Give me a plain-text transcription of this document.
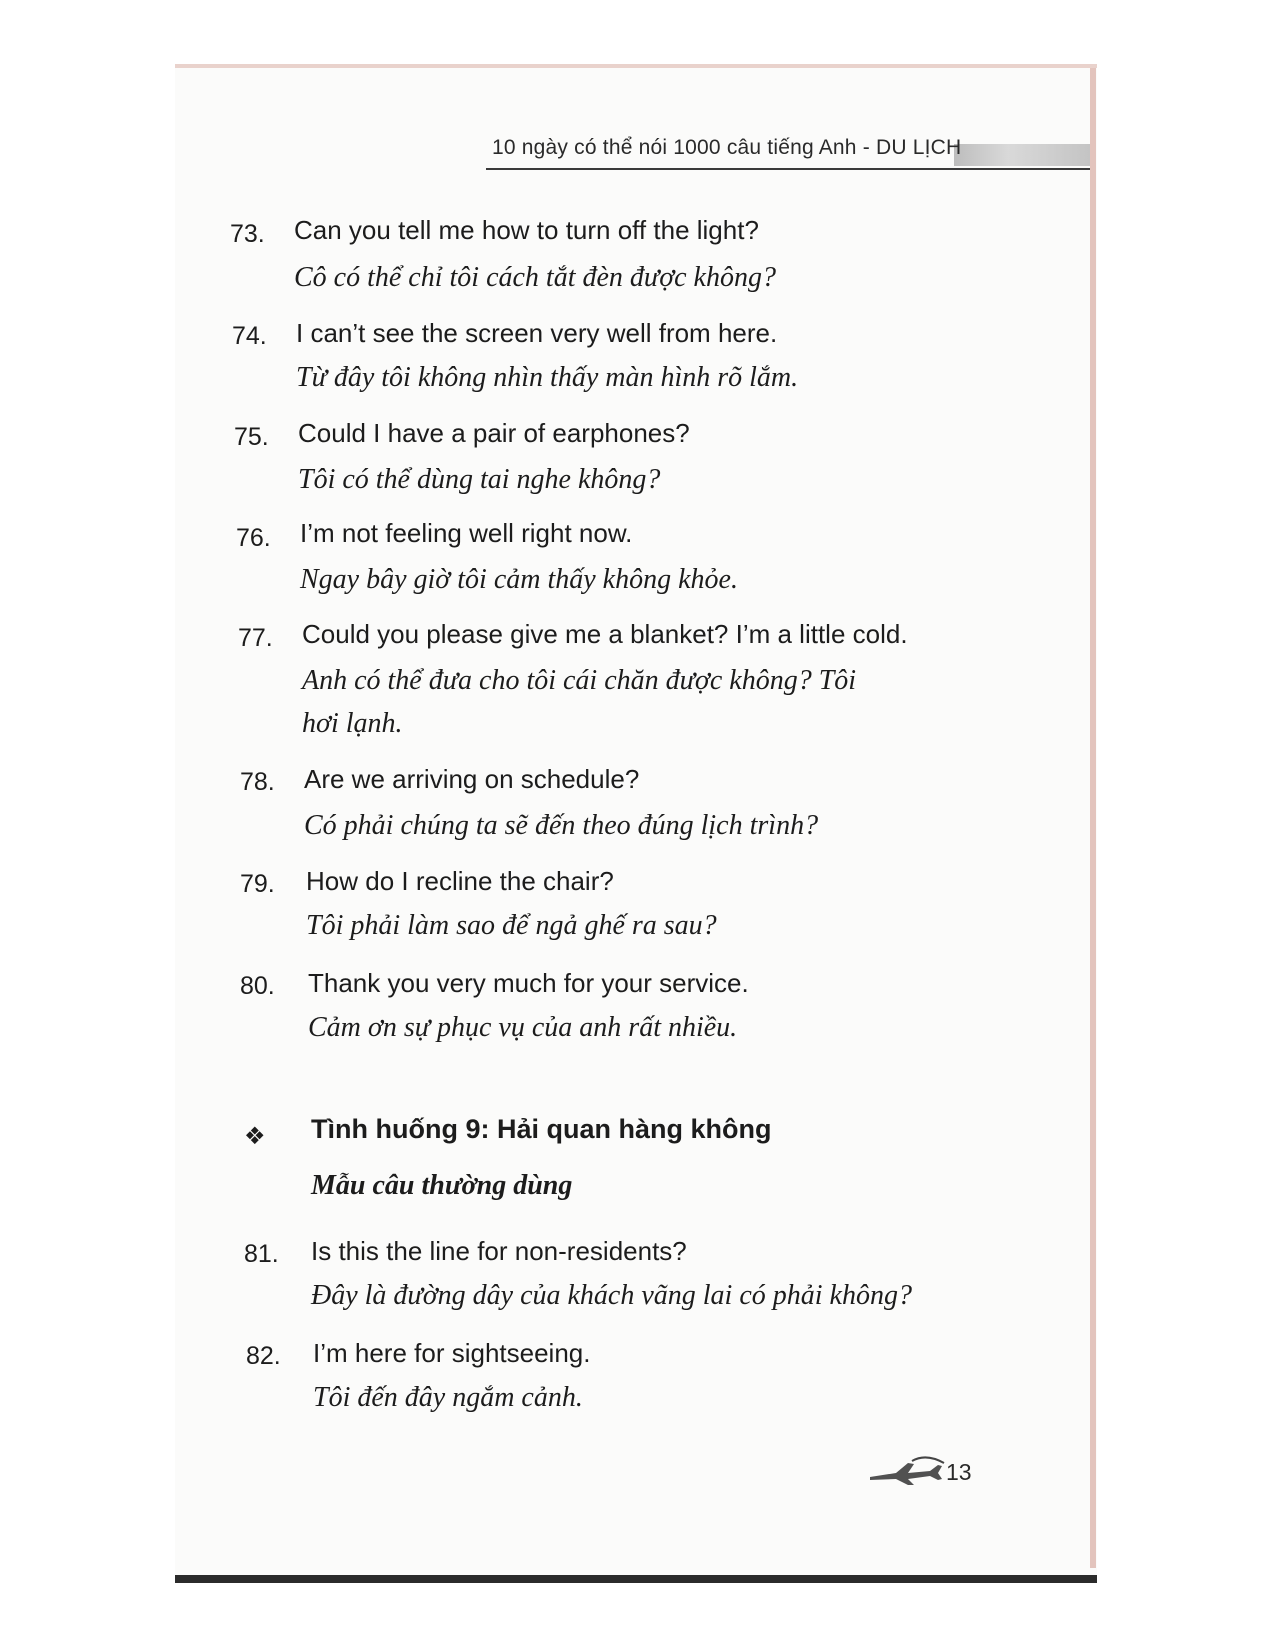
10 ngày có thể nói 1000 câu tiếng Anh - DU LỊCH
73. Can you tell me how to turn off the light?
Cô có thể chỉ tôi cách tắt đèn được không?
74. I can’t see the screen very well from here.
Từ đây tôi không nhìn thấy màn hình rõ lắm.
75. Could I have a pair of earphones?
Tôi có thể dùng tai nghe không?
76. I’m not feeling well right now.
Ngay bây giờ tôi cảm thấy không khỏe.
77. Could you please give me a blanket? I’m a little cold.
Anh có thể đưa cho tôi cái chăn được không? Tôi
hơi lạnh.
78. Are we arriving on schedule?
Có phải chúng ta sẽ đến theo đúng lịch trình?
79. How do I recline the chair?
Tôi phải làm sao để ngả ghế ra sau?
80. Thank you very much for your service.
Cảm ơn sự phục vụ của anh rất nhiều.
❖ Tình huống 9: Hải quan hàng không
Mẫu câu thường dùng
81. Is this the line for non-residents?
Đây là đường dây của khách vãng lai có phải không?
82. I’m here for sightseeing.
Tôi đến đây ngắm cảnh.
13
